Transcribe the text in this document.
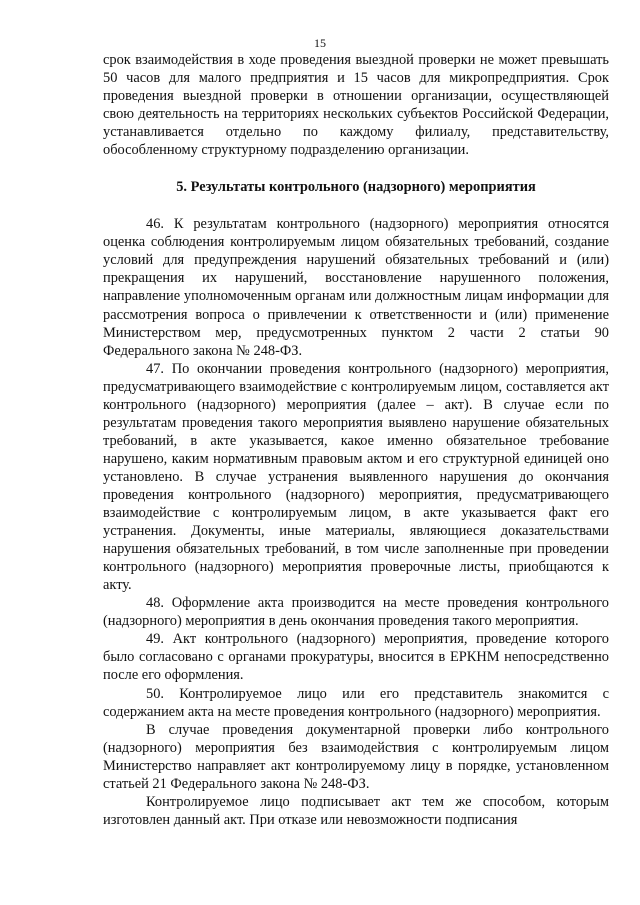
15

срок взаимодействия в ходе проведения выездной проверки не может превышать 50 часов для малого предприятия и 15 часов для микропредприятия. Срок проведения выездной проверки в отношении организации, осуществляющей свою деятельность на территориях нескольких субъектов Российской Федерации, устанавливается отдельно по каждому филиалу, представительству, обособленному структурному подразделению организации.

5. Результаты контрольного (надзорного) мероприятия

46. К результатам контрольного (надзорного) мероприятия относятся оценка соблюдения контролируемым лицом обязательных требований, создание условий для предупреждения нарушений обязательных требований и (или) прекращения их нарушений, восстановление нарушенного положения, направление уполномоченным органам или должностным лицам информации для рассмотрения вопроса о привлечении к ответственности и (или) применение Министерством мер, предусмотренных пунктом 2 части 2 статьи 90 Федерального закона № 248-ФЗ.

47. По окончании проведения контрольного (надзорного) мероприятия, предусматривающего взаимодействие с контролируемым лицом, составляется акт контрольного (надзорного) мероприятия (далее – акт). В случае если по результатам проведения такого мероприятия выявлено нарушение обязательных требований, в акте указывается, какое именно обязательное требование нарушено, каким нормативным правовым актом и его структурной единицей оно установлено. В случае устранения выявленного нарушения до окончания проведения контрольного (надзорного) мероприятия, предусматривающего взаимодействие с контролируемым лицом, в акте указывается факт его устранения. Документы, иные материалы, являющиеся доказательствами нарушения обязательных требований, в том числе заполненные при проведении контрольного (надзорного) мероприятия проверочные листы, приобщаются к акту.

48. Оформление акта производится на месте проведения контрольного (надзорного) мероприятия в день окончания проведения такого мероприятия.

49. Акт контрольного (надзорного) мероприятия, проведение которого было согласовано с органами прокуратуры, вносится в ЕРКНМ непосредственно после его оформления.

50. Контролируемое лицо или его представитель знакомится с содержанием акта на месте проведения контрольного (надзорного) мероприятия.

В случае проведения документарной проверки либо контрольного (надзорного) мероприятия без взаимодействия с контролируемым лицом Министерство направляет акт контролируемому лицу в порядке, установленном статьей 21 Федерального закона № 248-ФЗ.

Контролируемое лицо подписывает акт тем же способом, которым изготовлен данный акт. При отказе или невозможности подписания
